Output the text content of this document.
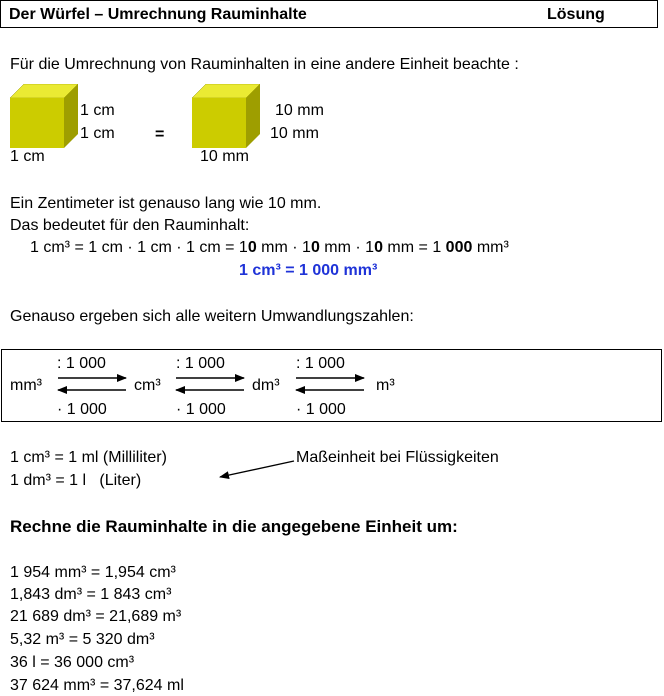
Der Würfel – Umrechnung Rauminhalte	Lösung
Für die Umrechnung von Rauminhalten in eine andere Einheit beachte :
1 cm
1 cm
1 cm
=
10 mm
10 mm
10 mm
Ein Zentimeter ist genauso lang wie 10 mm.
Das bedeutet für den Rauminhalt:
1 cm³ = 1 cm · 1 cm · 1 cm = 10 mm · 10 mm · 10 mm = 1 000 mm³
1 cm³ = 1 000 mm³
Genauso ergeben sich alle weitern Umwandlungszahlen:
: 1 000	: 1 000	: 1 000
mm³	cm³	dm³	m³
· 1 000	· 1 000	· 1 000
1 cm³ = 1 ml (Milliliter)
1 dm³ = 1 l   (Liter)
Maßeinheit bei Flüssigkeiten
Rechne die Rauminhalte in die angegebene Einheit um:
1 954 mm³ = 1,954 cm³
1,843 dm³ = 1 843 cm³
21 689 dm³ = 21,689 m³
5,32 m³ = 5 320 dm³
36 l = 36 000 cm³
37 624 mm³ = 37,624 ml
